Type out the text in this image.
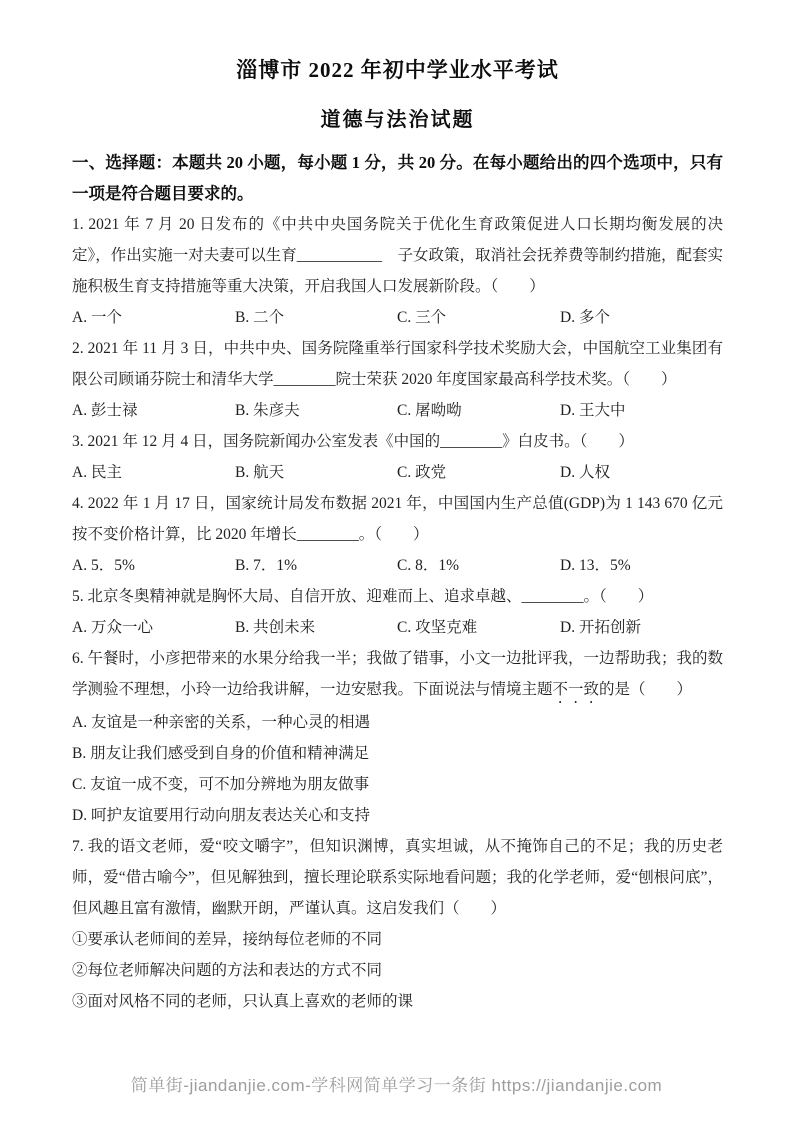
淄博市 2022 年初中学业水平考试
道德与法治试题
一、选择题：本题共 20 小题，每小题 1 分，共 20 分。在每小题给出的四个选项中，只有一项是符合题目要求的。

1. 2021 年 7 月 20 日发布的《中共中央国务院关于优化生育政策促进人口长期均衡发展的决定》，作出实施一对夫妻可以生育___________　子女政策，取消社会抚养费等制约措施，配套实施积极生育支持措施等重大决策，开启我国人口发展新阶段。（　　）

A. 一个	B. 二个	C. 三个	D. 多个

2. 2021 年 11 月 3 日，中共中央、国务院隆重举行国家科学技术奖励大会，中国航空工业集团有限公司顾诵芬院士和清华大学________院士荣获 2020 年度国家最高科学技术奖。（　　）

A. 彭士禄	B. 朱彦夫	C. 屠呦呦	D. 王大中

3. 2021 年 12 月 4 日，国务院新闻办公室发表《中国的________》白皮书。（　　）

A. 民主	B. 航天	C. 政党	D. 人权

4. 2022 年 1 月 17 日，国家统计局发布数据 2021 年，中国国内生产总值(GDP)为 1 143 670 亿元按不变价格计算，比 2020 年增长________。（　　）

A. 5．5%	B. 7．1%	C. 8．1%	D. 13．5%

5. 北京冬奥精神就是胸怀大局、自信开放、迎难而上、追求卓越、________。（　　）

A. 万众一心	B. 共创未来	C. 攻坚克难	D. 开拓创新

6. 午餐时，小彦把带来的水果分给我一半；我做了错事，小文一边批评我，一边帮助我；我的数学测验不理想，小玲一边给我讲解，一边安慰我。下面说法与情境主题不一致的是（　　）

A. 友谊是一种亲密的关系，一种心灵的相遇

B. 朋友让我们感受到自身的价值和精神满足

C. 友谊一成不变，可不加分辨地为朋友做事

D. 呵护友谊要用行动向朋友表达关心和支持

7. 我的语文老师，爱“咬文嚼字”，但知识渊博，真实坦诚，从不掩饰自己的不足；我的历史老师，爱“借古喻今”，但见解独到，擅长理论联系实际地看问题；我的化学老师，爱“刨根问底”，但风趣且富有激情，幽默开朗，严谨认真。这启发我们（　　）

①要承认老师间的差异，接纳每位老师的不同

②每位老师解决问题的方法和表达的方式不同

③面对风格不同的老师，只认真上喜欢的老师的课

简单街-jiandanjie.com-学科网简单学习一条街 https://jiandanjie.com
